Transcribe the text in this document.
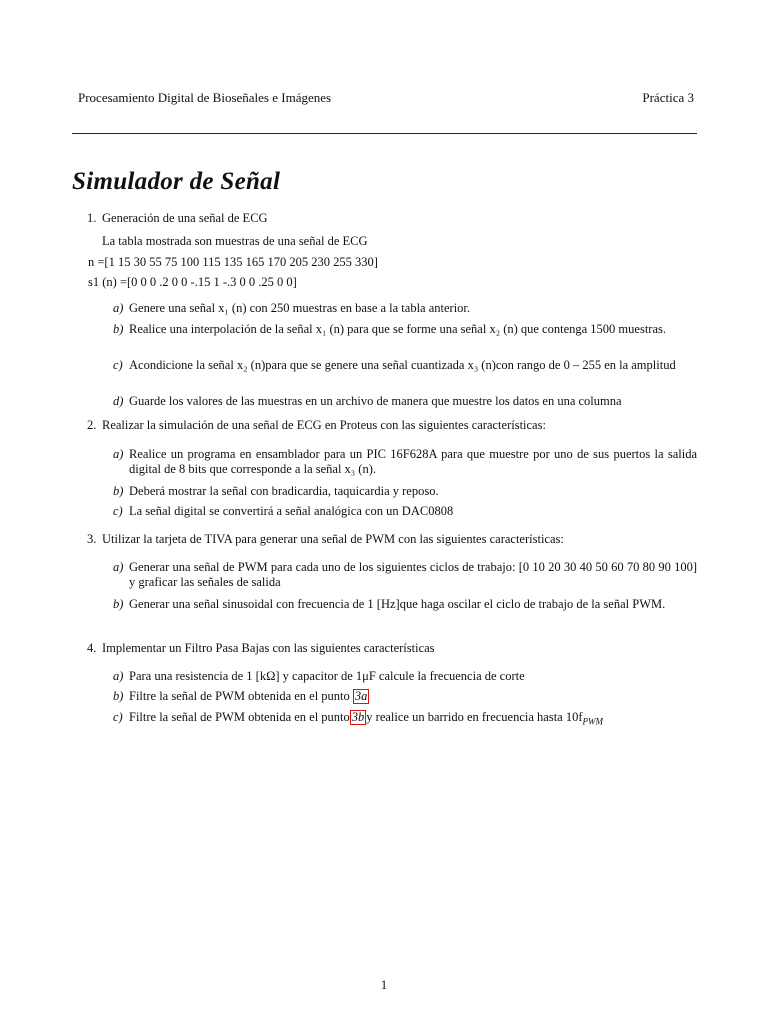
Procesamiento Digital de Bioseñales e Imágenes	Práctica 3
Simulador de Señal
1. Generación de una señal de ECG
La tabla mostrada son muestras de una señal de ECG
n =[1 15 30 55 75 100 115 135 165 170 205 230 255 330]
s1 (n) =[0 0 0 .2 0 0 -.15 1 -.3 0 0 .25 0 0]
a) Genere una señal x₁ (n) con 250 muestras en base a la tabla anterior.
b) Realice una interpolación de la señal x₁ (n) para que se forme una señal x₂ (n) que contenga 1500 muestras.
c) Acondicione la señal x₂ (n)para que se genere una señal cuantizada x₃ (n)con rango de 0 – 255 en la amplitud
d) Guarde los valores de las muestras en un archivo de manera que muestre los datos en una columna
2. Realizar la simulación de una señal de ECG en Proteus con las siguientes características:
a) Realice un programa en ensamblador para un PIC 16F628A para que muestre por uno de sus puertos la salida digital de 8 bits que corresponde a la señal x₃ (n).
b) Deberá mostrar la señal con bradicardia, taquicardia y reposo.
c) La señal digital se convertirá a señal analógica con un DAC0808
3. Utilizar la tarjeta de TIVA para generar una señal de PWM con las siguientes características:
a) Generar una señal de PWM para cada uno de los siguientes ciclos de trabajo: [0 10 20 30 40 50 60 70 80 90 100] y graficar las señales de salida
b) Generar una señal sinusoidal con frecuencia de 1 [Hz]que haga oscilar el ciclo de trabajo de la señal PWM.
4. Implementar un Filtro Pasa Bajas con las siguientes características
a) Para una resistencia de 1 [kΩ] y capacitor de 1μF calcule la frecuencia de corte
b) Filtre la señal de PWM obtenida en el punto 3a
c) Filtre la señal de PWM obtenida en el punto 3b y realice un barrido en frecuencia hasta $10f_{PWM}$
1
